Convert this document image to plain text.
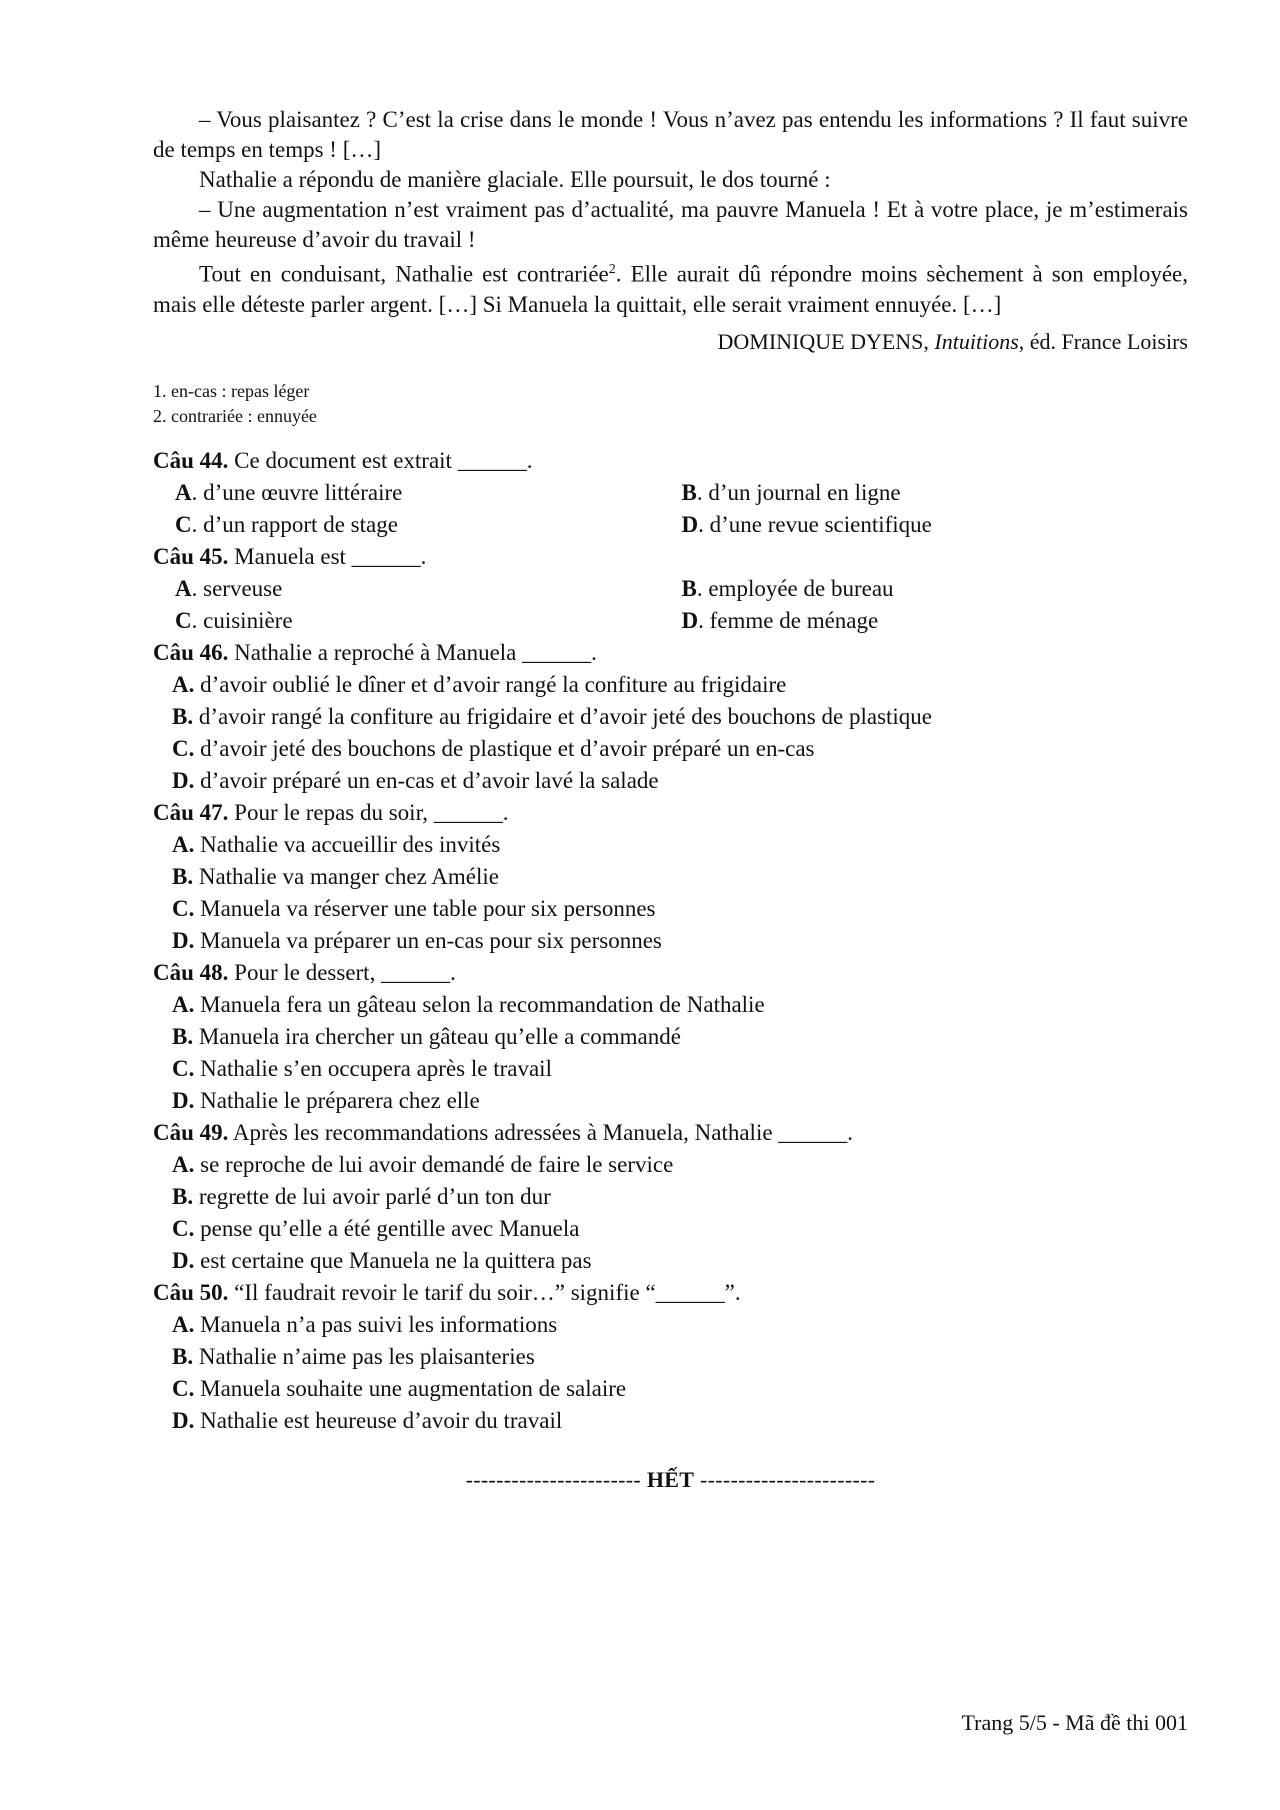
– Vous plaisantez ? C’est la crise dans le monde ! Vous n’avez pas entendu les informations ? Il faut suivre de temps en temps ! […]

Nathalie a répondu de manière glaciale. Elle poursuit, le dos tourné :

– Une augmentation n’est vraiment pas d’actualité, ma pauvre Manuela ! Et à votre place, je m’estimerais même heureuse d’avoir du travail !

Tout en conduisant, Nathalie est contrariée$^2$. Elle aurait dû répondre moins sèchement à son employée, mais elle déteste parler argent. […] Si Manuela la quittait, elle serait vraiment ennuyée. […]

DOMINIQUE DYENS, Intuitions, éd. France Loisirs
1. en-cas : repas léger
2. contrariée : ennuyée

Câu 44. Ce document est extrait ______.

A. d’une œuvre littéraire	B. d’un journal en ligne
C. d’un rapport de stage	D. d’une revue scientifique

Câu 45. Manuela est ______.

A. serveuse	B. employée de bureau
C. cuisinière	D. femme de ménage

Câu 46. Nathalie a reproché à Manuela ______.

A. d’avoir oublié le dîner et d’avoir rangé la confiture au frigidaire
B. d’avoir rangé la confiture au frigidaire et d’avoir jeté des bouchons de plastique
C. d’avoir jeté des bouchons de plastique et d’avoir préparé un en-cas
D. d’avoir préparé un en-cas et d’avoir lavé la salade

Câu 47. Pour le repas du soir, ______.

A. Nathalie va accueillir des invités
B. Nathalie va manger chez Amélie
C. Manuela va réserver une table pour six personnes
D. Manuela va préparer un en-cas pour six personnes

Câu 48. Pour le dessert, ______.

A. Manuela fera un gâteau selon la recommandation de Nathalie
B. Manuela ira chercher un gâteau qu’elle a commandé
C. Nathalie s’en occupera après le travail
D. Nathalie le préparera chez elle

Câu 49. Après les recommandations adressées à Manuela, Nathalie ______.

A. se reproche de lui avoir demandé de faire le service
B. regrette de lui avoir parlé d’un ton dur
C. pense qu’elle a été gentille avec Manuela
D. est certaine que Manuela ne la quittera pas

Câu 50. “Il faudrait revoir le tarif du soir…” signifie “______”.

A. Manuela n’a pas suivi les informations
B. Nathalie n’aime pas les plaisanteries
C. Manuela souhaite une augmentation de salaire
D. Nathalie est heureuse d’avoir du travail
----------------------- HẾT -----------------------
Trang 5/5 - Mã đề thi 001
